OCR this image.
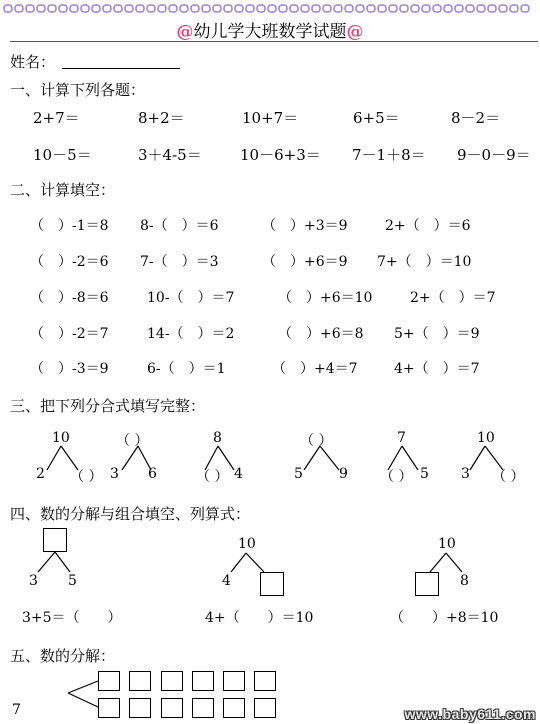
@幼儿学大班数学试题@
姓名：
一、计算下列各题：
2+7＝	8+2＝	10+7＝	6+5＝	8－2＝
10－5＝	3＋4-5＝	10－6+3＝ 7－1＋8＝ 9－0－9＝
二、计算填空：
（　）-1＝8 8-（　）＝6	（　）+3＝9	2+（　）＝6
（　）-2＝6 7-（　）＝3	（　）+6＝9 7+（　）＝10
（　）-8＝6	10-（　）＝7	（　）+6＝10	2+（　）＝7
（　）-2＝7	14-（　）＝2	（　）+6＝8 5+（　）＝9
（　）-3＝9	6-（　）＝1	（　）+4＝7	4+（　）＝7
三、把下列分合式填写完整：
10
2 （ ）
（ ）
3 6
8
（ ） 4
（ ）
5	9
7
（ ） 5
10
3 （ ）
四、数的分解与组合填空、列算式：
3 5
10
4
10
8
3+5＝（　　）	4+（　　）＝10	（　　）+8＝10
五、数的分解：
7	www.baby611.com
